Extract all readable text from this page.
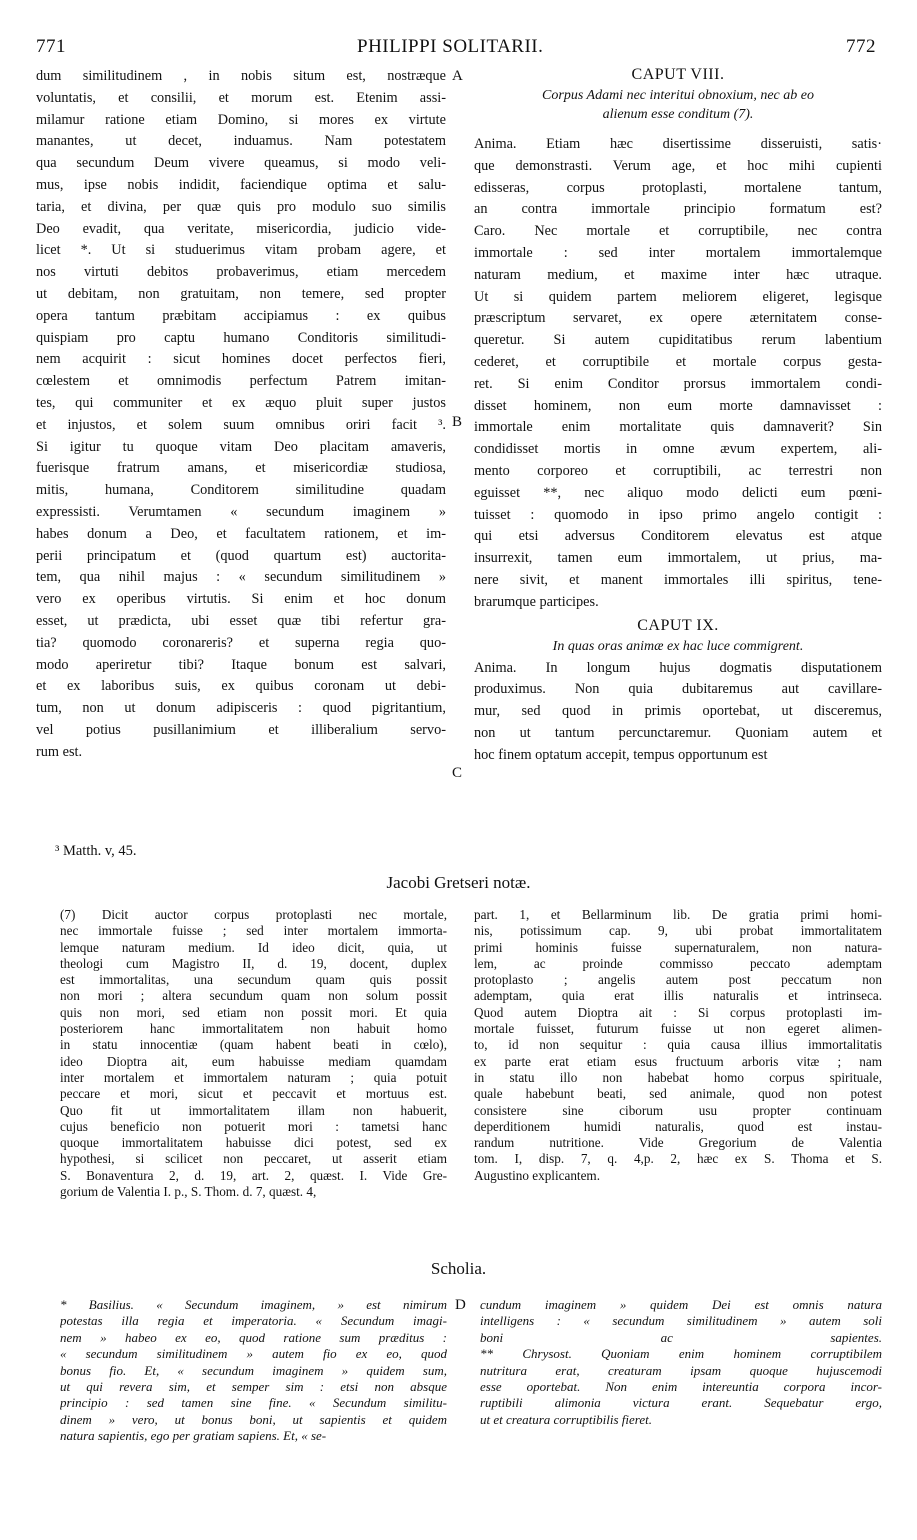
771	PHILIPPI SOLITARII.	772
A
B
C
D
dum similitudinem , in nobis situm est, nostræque
voluntatis, et consilii, et morum est. Etenim assi-
milamur ratione etiam Domino, si mores ex virtute
manantes, ut decet, induamus. Nam potestatem
qua secundum Deum vivere queamus, si modo veli-
mus, ipse nobis indidit, faciendique optima et salu-
taria, et divina, per quæ quis pro modulo suo similis
Deo evadit, qua veritate, misericordia, judicio vide-
licet *. Ut si studuerimus vitam probam agere, et
nos virtuti debitos probaverimus, etiam mercedem
ut debitam, non gratuitam, non temere, sed propter
opera tantum præbitam accipiamus : ex quibus
quispiam pro captu humano Conditoris similitudi-
nem acquirit : sicut homines docet perfectos fieri,
cœlestem et omnimodis perfectum Patrem imitan-
tes, qui communiter et ex æquo pluit super justos
et injustos, et solem suum omnibus oriri facit ³.
Si igitur tu quoque vitam Deo placitam amaveris,
fuerisque fratrum amans, et misericordiæ studiosa,
mitis, humana, Conditorem similitudine quadam
expressisti. Verumtamen « secundum imaginem »
habes donum a Deo, et facultatem rationem, et im-
perii principatum et (quod quartum est) auctorita-
tem, qua nihil majus : « secundum similitudinem »
vero ex operibus virtutis. Si enim et hoc donum
esset, ut prædicta, ubi esset quæ tibi refertur gra-
tia? quomodo coronareris? et superna regia quo-
modo aperiretur tibi? Itaque bonum est salvari,
et ex laboribus suis, ex quibus coronam ut debi-
tum, non ut donum adipisceris : quod pigritantium,
vel potius pusillanimium et illiberalium servo-
rum est.
³ Matth. v, 45.
CAPUT VIII.
Corpus Adami nec interitui obnoxium, nec ab eo
alienum esse conditum (7).
Anima. Etiam hæc disertissime disseruisti, satis·
que demonstrasti. Verum age, et hoc mihi cupienti
edisseras, corpus protoplasti, mortalene tantum,
an contra immortale principio formatum est?
Caro. Nec mortale et corruptibile, nec contra
immortale : sed inter mortalem immortalemque
naturam medium, et maxime inter hæc utraque.
Ut si quidem partem meliorem eligeret, legisque
præscriptum servaret, ex opere æternitatem conse-
queretur. Si autem cupiditatibus rerum labentium
cederet, et corruptibile et mortale corpus gesta-
ret. Si enim Conditor prorsus immortalem condi-
disset hominem, non eum morte damnavisset :
immortale enim mortalitate quis damnaverit? Sin
condidisset mortis in omne ævum expertem, ali-
mento corporeo et corruptibili, ac terrestri non
eguisset **, nec aliquo modo delicti eum pœni-
tuisset : quomodo in ipso primo angelo contigit :
qui etsi adversus Conditorem elevatus est atque
insurrexit, tamen eum immortalem, ut prius, ma-
nere sivit, et manent immortales illi spiritus, tene-
brarumque participes.
CAPUT IX.
In quas oras animæ ex hac luce commigrent.
Anima. In longum hujus dogmatis disputationem
produximus. Non quia dubitaremus aut cavillare-
mur, sed quod in primis oportebat, ut disceremus,
non ut tantum percunctaremur. Quoniam autem et
hoc finem optatum accepit, tempus opportunum est
Jacobi Gretseri notæ.
(7) Dicit auctor corpus protoplasti nec mortale,
nec immortale fuisse ; sed inter mortalem immorta-
lemque naturam medium. Id ideo dicit, quia, ut
theologi cum Magistro II, d. 19, docent, duplex
est immortalitas, una secundum quam quis possit
non mori ; altera secundum quam non solum possit
quis non mori, sed etiam non possit mori. Et quia
posteriorem hanc immortalitatem non habuit homo
in statu innocentiæ (quam habent beati in cœlo),
ideo Dioptra ait, eum habuisse mediam quamdam
inter mortalem et immortalem naturam ; quia potuit
peccare et mori, sicut et peccavit et mortuus est.
Quo fit ut immortalitatem illam non habuerit,
cujus beneficio non potuerit mori : tametsi hanc
quoque immortalitatem habuisse dici potest, sed ex
hypothesi, si scilicet non peccaret, ut asserit etiam
S. Bonaventura 2, d. 19, art. 2, quæst. I. Vide Gre-
gorium de Valentia I. p., S. Thom. d. 7, quæst. 4,
part. 1, et Bellarminum lib. De gratia primi homi-
nis, potissimum cap. 9, ubi probat immortalitatem
primi hominis fuisse supernaturalem, non natura-
lem, ac proinde commisso peccato ademptam
protoplasto ; angelis autem post peccatum non
ademptam, quia erat illis naturalis et intrinseca.
Quod autem Dioptra ait : Si corpus protoplasti im-
mortale fuisset, futurum fuisse ut non egeret alimen-
to, id non sequitur : quia causa illius immortalitatis
ex parte erat etiam esus fructuum arboris vitæ ; nam
in statu illo non habebat homo corpus spirituale,
quale habebunt beati, sed animale, quod non potest
consistere sine ciborum usu propter continuam
deperditionem humidi naturalis, quod est instau-
randum nutritione. Vide Gregorium de Valentia
tom. I, disp. 7, q. 4,p. 2, hæc ex S. Thoma et S.
Augustino explicantem.
Scholia.
* Basilius. « Secundum imaginem, » est nimirum
potestas illa regia et imperatoria. « Secundum imagi-
nem » habeo ex eo, quod ratione sum præditus :
« secundum similitudinem » autem fio ex eo, quod
bonus fio. Et, « secundum imaginem » quidem sum,
ut qui revera sim, et semper sim : etsi non absque
principio : sed tamen sine fine. « Secundum similitu-
dinem » vero, ut bonus boni, ut sapientis et quidem
natura sapientis, ego per gratiam sapiens. Et, « se-
cundum imaginem » quidem Dei est omnis natura
intelligens : « secundum similitudinem » autem soli
boni ac sapientes.
** Chrysost. Quoniam enim hominem corruptibilem
nutritura erat, creaturam ipsam quoque hujuscemodi
esse oportebat. Non enim intereuntia corpora incor-
ruptibili alimonia victura erant. Sequebatur ergo,
ut et creatura corruptibilis fieret.
